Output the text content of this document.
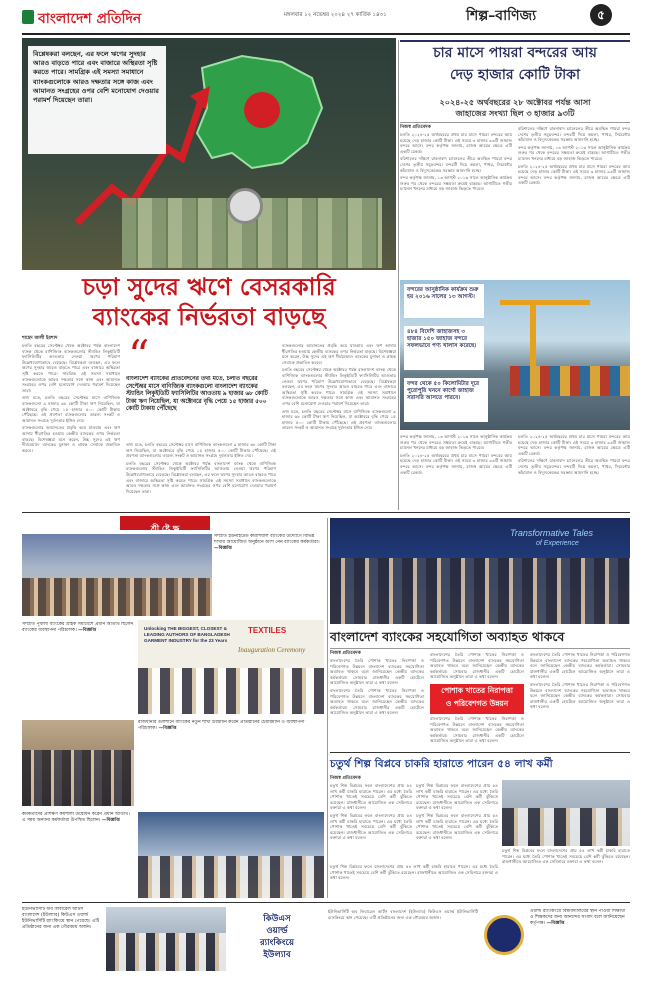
বাংলাদেশ প্রতিদিন	মঙ্গলবার ১২ নভেম্বর ২০২৪ ২৭ কার্তিক ১৪৩১	শিল্প–বাণিজ্য	৫
বিশ্লেষকরা বলছেন, এর ফলে ঋণের সুদহার আরও বাড়তে পারে এবং বাজারে অস্থিরতা সৃষ্টি করতে পারে। সামগ্রিক এই সমস্যা সমাধানে ব্যাংকগুলোকে আরও দক্ষতার সঙ্গে কাজ এবং আমানত সংগ্রহের ওপর বেশি মনোযোগ দেওয়ার পরামর্শ দিয়েছেন তারা।
চড়া সুদের ঋণে বেসরকারি
ব্যাংকের নির্ভরতা বাড়ছে
শাহেদ আলী ইরশাদ

চলতি বছরের সেপ্টেম্বর থেকে অক্টোবর পর্যন্ত বাংলাদেশ ব্যাংক থেকে বাণিজ্যিক ব্যাংকগুলোর স্ট্যান্ডিং লিকুইডিটি ফ্যাসিলিটির আওতায় নেওয়া ঋণের পরিমাণ উল্লেখযোগ্যভাবে বেড়েছে। বিশ্লেষকরা বলছেন, এর ফলে ঋণের সুদহার আরও বাড়তে পারে এবং বাজারে অস্থিরতা সৃষ্টি করতে পারে। সামগ্রিক এই সমস্যা সমাধানে ব্যাংকগুলোকে আরও দক্ষতার সঙ্গে কাজ এবং আমানত সংগ্রহের ওপর বেশি মনোযোগ দেওয়ার পরামর্শ দিয়েছেন তারা।

তথ্য মতে, চলতি বছরের সেপ্টেম্বর মাসে বাণিজ্যিক ব্যাংকগুলো ৯ হাজার ৬৮ কোটি টাকা ঋণ নিয়েছিল, যা অক্টোবরে বৃদ্ধি পেয়ে ১৫ হাজার ৫০০ কোটি টাকায় পৌঁছেছে। এই প্রবণতা ব্যাংকগুলোর তারল্য সংকট ও আমানত সংগ্রহে দুর্বলতার ইঙ্গিত দেয়।

ব্যাংকগুলোর আমানতের প্রবৃদ্ধি কমে যাওয়ায় এবং ঋণ আদায় ধীরগতির হওয়ায় কেন্দ্রীয় ব্যাংকের ওপর নির্ভরতা বাড়ছে। বিশেষজ্ঞরা মনে করেন, উচ্চ সুদের এই ঋণ দীর্ঘমেয়াদে ব্যাংকের মুনাফা ও গ্রাহক সেবাকে প্রভাবিত করবে।

“
বাংলাদেশ ব্যাংকের প্রতিবেদনের তথ্য মতে, চলতি বছরের সেপ্টেম্বর মাসে বাণিজ্যিক ব্যাংকগুলো বাংলাদেশ ব্যাংকের স্ট্যান্ডিং লিকুইডিটি ফ্যাসিলিটির আওতায় ৯ হাজার ৬৮ কোটি টাকা ঋণ নিয়েছিল, যা অক্টোবরে বৃদ্ধি পেয়ে ১৫ হাজার ৫০০ কোটি টাকায় পৌঁছেছে

তথ্য মতে, চলতি বছরের সেপ্টেম্বর মাসে বাণিজ্যিক ব্যাংকগুলো ৯ হাজার ৬৮ কোটি টাকা ঋণ নিয়েছিল, যা অক্টোবরে বৃদ্ধি পেয়ে ১৫ হাজার ৫০০ কোটি টাকায় পৌঁছেছে। এই প্রবণতা ব্যাংকগুলোর তারল্য সংকট ও আমানত সংগ্রহে দুর্বলতার ইঙ্গিত দেয়।

চলতি বছরের সেপ্টেম্বর থেকে অক্টোবর পর্যন্ত বাংলাদেশ ব্যাংক থেকে বাণিজ্যিক ব্যাংকগুলোর স্ট্যান্ডিং লিকুইডিটি ফ্যাসিলিটির আওতায় নেওয়া ঋণের পরিমাণ উল্লেখযোগ্যভাবে বেড়েছে। বিশ্লেষকরা বলছেন, এর ফলে ঋণের সুদহার আরও বাড়তে পারে এবং বাজারে অস্থিরতা সৃষ্টি করতে পারে। সামগ্রিক এই সমস্যা সমাধানে ব্যাংকগুলোকে আরও দক্ষতার সঙ্গে কাজ এবং আমানত সংগ্রহের ওপর বেশি মনোযোগ দেওয়ার পরামর্শ দিয়েছেন তারা।

ব্যাংকগুলোর আমানতের প্রবৃদ্ধি কমে যাওয়ায় এবং ঋণ আদায় ধীরগতির হওয়ায় কেন্দ্রীয় ব্যাংকের ওপর নির্ভরতা বাড়ছে। বিশেষজ্ঞরা মনে করেন, উচ্চ সুদের এই ঋণ দীর্ঘমেয়াদে ব্যাংকের মুনাফা ও গ্রাহক সেবাকে প্রভাবিত করবে।

চলতি বছরের সেপ্টেম্বর থেকে অক্টোবর পর্যন্ত বাংলাদেশ ব্যাংক থেকে বাণিজ্যিক ব্যাংকগুলোর স্ট্যান্ডিং লিকুইডিটি ফ্যাসিলিটির আওতায় নেওয়া ঋণের পরিমাণ উল্লেখযোগ্যভাবে বেড়েছে। বিশ্লেষকরা বলছেন, এর ফলে ঋণের সুদহার আরও বাড়তে পারে এবং বাজারে অস্থিরতা সৃষ্টি করতে পারে। সামগ্রিক এই সমস্যা সমাধানে ব্যাংকগুলোকে আরও দক্ষতার সঙ্গে কাজ এবং আমানত সংগ্রহের ওপর বেশি মনোযোগ দেওয়ার পরামর্শ দিয়েছেন তারা।

তথ্য মতে, চলতি বছরের সেপ্টেম্বর মাসে বাণিজ্যিক ব্যাংকগুলো ৯ হাজার ৬৮ কোটি টাকা ঋণ নিয়েছিল, যা অক্টোবরে বৃদ্ধি পেয়ে ১৫ হাজার ৫০০ কোটি টাকায় পৌঁছেছে। এই প্রবণতা ব্যাংকগুলোর তারল্য সংকট ও আমানত সংগ্রহে দুর্বলতার ইঙ্গিত দেয়।

চার মাসে পায়রা বন্দরের আয়
দেড় হাজার কোটি টাকা
২০২৪-২৫ অর্থবছরের ২৮ অক্টোবর পর্যন্ত আসা
জাহাজের সংখ্যা ছিল ৩ হাজার ৯৩টি
নিজস্ব প্রতিবেদক

চলতি ২০২৪-২৫ অর্থবছরের প্রথম চার মাসে পায়রা বন্দরের আয় হয়েছে দেড় হাজার কোটি টাকা। এই সময়ে ৩ হাজার ৯৩টি জাহাজ বন্দরে আসে। বন্দর কর্তৃপক্ষ জানায়, রাজস্ব আয়ের ক্ষেত্রে এটি একটি রেকর্ড।

বরিশালের দক্ষিণে রাবনাবাদ চ্যানেলের তীরে অবস্থিত পায়রা বন্দর দেশের তৃতীয় সমুদ্রবন্দর। বন্দরটি দিয়ে কয়লা, পাথর, সিমেন্টের কাঁচামাল ও বিদ্যুৎকেন্দ্রের সরঞ্জাম আমদানি হচ্ছে।

বন্দর কর্তৃপক্ষ জানায়, ১৩ আগস্ট ২০১৬ সালে আনুষ্ঠানিক কার্যক্রম শুরুর পর থেকে বন্দরের সক্ষমতা ক্রমেই বাড়ছে। আগামীতে গভীর চ্যানেল খননের মাধ্যমে বড় জাহাজ ভিড়তে পারবে।

বরিশালের দক্ষিণে রাবনাবাদ চ্যানেলের তীরে অবস্থিত পায়রা বন্দর দেশের তৃতীয় সমুদ্রবন্দর। বন্দরটি দিয়ে কয়লা, পাথর, সিমেন্টের কাঁচামাল ও বিদ্যুৎকেন্দ্রের সরঞ্জাম আমদানি হচ্ছে।

বন্দর কর্তৃপক্ষ জানায়, ১৩ আগস্ট ২০১৬ সালে আনুষ্ঠানিক কার্যক্রম শুরুর পর থেকে বন্দরের সক্ষমতা ক্রমেই বাড়ছে। আগামীতে গভীর চ্যানেল খননের মাধ্যমে বড় জাহাজ ভিড়তে পারবে।

চলতি ২০২৪-২৫ অর্থবছরের প্রথম চার মাসে পায়রা বন্দরের আয় হয়েছে দেড় হাজার কোটি টাকা। এই সময়ে ৩ হাজার ৯৩টি জাহাজ বন্দরে আসে। বন্দর কর্তৃপক্ষ জানায়, রাজস্ব আয়ের ক্ষেত্রে এটি একটি রেকর্ড।

বন্দরের আনুষ্ঠানিক কার্যক্রম শুরু হয় ২০১৬ সালের ১৩ আগস্ট।
৪৮৪ বিদেশি জাহাজসহ ৩ হাজার ১৫০ জাহাজ বন্দরে সফলভাবে পণ্য খালাস করেছে।
বন্দর থেকে ৫০ কিলোমিটার দূরে পুরোপুরি খননে কার্গো জাহাজ সরাসরি আসতে পারবে।

বন্দর কর্তৃপক্ষ জানায়, ১৩ আগস্ট ২০১৬ সালে আনুষ্ঠানিক কার্যক্রম শুরুর পর থেকে বন্দরের সক্ষমতা ক্রমেই বাড়ছে। আগামীতে গভীর চ্যানেল খননের মাধ্যমে বড় জাহাজ ভিড়তে পারবে।

চলতি ২০২৪-২৫ অর্থবছরের প্রথম চার মাসে পায়রা বন্দরের আয় হয়েছে দেড় হাজার কোটি টাকা। এই সময়ে ৩ হাজার ৯৩টি জাহাজ বন্দরে আসে। বন্দর কর্তৃপক্ষ জানায়, রাজস্ব আয়ের ক্ষেত্রে এটি একটি রেকর্ড।

চলতি ২০২৪-২৫ অর্থবছরের প্রথম চার মাসে পায়রা বন্দরের আয় হয়েছে দেড় হাজার কোটি টাকা। এই সময়ে ৩ হাজার ৯৩টি জাহাজ বন্দরে আসে। বন্দর কর্তৃপক্ষ জানায়, রাজস্ব আয়ের ক্ষেত্রে এটি একটি রেকর্ড।

বরিশালের দক্ষিণে রাবনাবাদ চ্যানেলের তীরে অবস্থিত পায়রা বন্দর দেশের তৃতীয় সমুদ্রবন্দর। বন্দরটি দিয়ে কয়লা, পাথর, সিমেন্টের কাঁচামাল ও বিদ্যুৎকেন্দ্রের সরঞ্জাম আমদানি হচ্ছে।

শ্রী ষ্টে ক্ষ
সম্প্রতি ইউনাইটেড কমার্শিয়াল ব্যাংকের উদ্যোগে বিভিন্ন শাখায় আয়োজিত অনুষ্ঠানে অংশ নেন ব্যাংকের কর্মকর্তারা। —বিজ্ঞপ্তি
সম্প্রতি পূবালী ব্যাংকের গ্রাহক সমাবেশে প্রধান অতিথি ছিলেন ব্যাংকের ব্যবস্থাপনা পরিচালক। —বিজ্ঞপ্তি	Unlocking THE BIGGEST, CLOSEST & LEADING AUTHORS OF BANGLADESH GARMENT INDUSTRY for the 23 Years
TEXTILES
Inauguration Ceremony
রাজধানীর গুলশানে ব্যাংকের নতুন শাখা উদ্বোধন করেন প্রতিষ্ঠানের চেয়ারম্যান ও ব্যবস্থাপনা পরিচালক। —বিজ্ঞপ্তি
কর্মকর্তাদের প্রশিক্ষণ কর্মশালা উদ্বোধন করেন প্রধান অতিথি। এ সময় অন্যান্য কর্মকর্তারা উপস্থিত ছিলেন। —বিজ্ঞপ্তি
Transformative Tales
of Experience
বাংলাদেশ ব্যাংকের সহযোগিতা অব্যাহত থাকবে
নিজস্ব প্রতিবেদক

বাংলাদেশের তৈরি পোশাক খাতের নিরাপত্তা ও পরিবেশগত উন্নয়নে বাংলাদেশ ব্যাংকের সহযোগিতা অব্যাহত থাকবে বলে জানিয়েছেন কেন্দ্রীয় ব্যাংকের কর্মকর্তারা। সোমবার রাজধানীর একটি হোটেলে আয়োজিত অনুষ্ঠানে তারা এ কথা বলেন।

বাংলাদেশের তৈরি পোশাক খাতের নিরাপত্তা ও পরিবেশগত উন্নয়নে বাংলাদেশ ব্যাংকের সহযোগিতা অব্যাহত থাকবে বলে জানিয়েছেন কেন্দ্রীয় ব্যাংকের কর্মকর্তারা। সোমবার রাজধানীর একটি হোটেলে আয়োজিত অনুষ্ঠানে তারা এ কথা বলেন।

বাংলাদেশের তৈরি পোশাক খাতের নিরাপত্তা ও পরিবেশগত উন্নয়নে বাংলাদেশ ব্যাংকের সহযোগিতা অব্যাহত থাকবে বলে জানিয়েছেন কেন্দ্রীয় ব্যাংকের কর্মকর্তারা। সোমবার রাজধানীর একটি হোটেলে আয়োজিত অনুষ্ঠানে তারা এ কথা বলেন।

পোশাক খাতের নিরাপত্তা
ও পরিবেশগত উন্নয়ন

বাংলাদেশের তৈরি পোশাক খাতের নিরাপত্তা ও পরিবেশগত উন্নয়নে বাংলাদেশ ব্যাংকের সহযোগিতা অব্যাহত থাকবে বলে জানিয়েছেন কেন্দ্রীয় ব্যাংকের কর্মকর্তারা। সোমবার রাজধানীর একটি হোটেলে আয়োজিত অনুষ্ঠানে তারা এ কথা বলেন।

বাংলাদেশের তৈরি পোশাক খাতের নিরাপত্তা ও পরিবেশগত উন্নয়নে বাংলাদেশ ব্যাংকের সহযোগিতা অব্যাহত থাকবে বলে জানিয়েছেন কেন্দ্রীয় ব্যাংকের কর্মকর্তারা। সোমবার রাজধানীর একটি হোটেলে আয়োজিত অনুষ্ঠানে তারা এ কথা বলেন।

বাংলাদেশের তৈরি পোশাক খাতের নিরাপত্তা ও পরিবেশগত উন্নয়নে বাংলাদেশ ব্যাংকের সহযোগিতা অব্যাহত থাকবে বলে জানিয়েছেন কেন্দ্রীয় ব্যাংকের কর্মকর্তারা। সোমবার রাজধানীর একটি হোটেলে আয়োজিত অনুষ্ঠানে তারা এ কথা বলেন।

চতুর্থ শিল্প বিপ্লবে চাকরি হারাতে পারেন ৫৪ লাখ কর্মী
নিজস্ব প্রতিবেদক

চতুর্থ শিল্প বিপ্লবের ফলে বাংলাদেশের প্রায় ৫৪ লাখ কর্মী চাকরি হারাতে পারেন। এর মধ্যে তৈরি পোশাক খাতেই সবচেয়ে বেশি কর্মী ঝুঁকিতে রয়েছেন। রাজধানীতে আয়োজিত এক সেমিনারে বক্তারা এ কথা বলেন।

চতুর্থ শিল্প বিপ্লবের ফলে বাংলাদেশের প্রায় ৫৪ লাখ কর্মী চাকরি হারাতে পারেন। এর মধ্যে তৈরি পোশাক খাতেই সবচেয়ে বেশি কর্মী ঝুঁকিতে রয়েছেন। রাজধানীতে আয়োজিত এক সেমিনারে বক্তারা এ কথা বলেন।

চতুর্থ শিল্প বিপ্লবের ফলে বাংলাদেশের প্রায় ৫৪ লাখ কর্মী চাকরি হারাতে পারেন। এর মধ্যে তৈরি পোশাক খাতেই সবচেয়ে বেশি কর্মী ঝুঁকিতে রয়েছেন। রাজধানীতে আয়োজিত এক সেমিনারে বক্তারা এ কথা বলেন।

চতুর্থ শিল্প বিপ্লবের ফলে বাংলাদেশের প্রায় ৫৪ লাখ কর্মী চাকরি হারাতে পারেন। এর মধ্যে তৈরি পোশাক খাতেই সবচেয়ে বেশি কর্মী ঝুঁকিতে রয়েছেন। রাজধানীতে আয়োজিত এক সেমিনারে বক্তারা এ কথা বলেন।

চতুর্থ শিল্প বিপ্লবের ফলে বাংলাদেশের প্রায় ৫৪ লাখ কর্মী চাকরি হারাতে পারেন। এর মধ্যে তৈরি পোশাক খাতেই সবচেয়ে বেশি কর্মী ঝুঁকিতে রয়েছেন। রাজধানীতে আয়োজিত এক সেমিনারে বক্তারা এ কথা বলেন।

চতুর্থ শিল্প বিপ্লবের ফলে বাংলাদেশের প্রায় ৫৪ লাখ কর্মী চাকরি হারাতে পারেন। এর মধ্যে তৈরি পোশাক খাতেই সবচেয়ে বেশি কর্মী ঝুঁকিতে রয়েছেন। রাজধানীতে আয়োজিত এক সেমিনারে বক্তারা এ কথা বলেন।

ইউনিভার্সিটি অব লিবারেল আর্টস বাংলাদেশ (ইউল্যাব) কিউএস ওয়ার্ল্ড ইউনিভার্সিটি র‌্যাংকিংয়ে স্থান পেয়েছে। এটি প্রতিষ্ঠানের জন্য এক গৌরবময় অর্জন।
কিউএস
ওয়ার্ল্ড
র‌্যাংকিংয়ে
ইউল্যাব
ইউনিভার্সিটি অব লিবারেল আর্টস বাংলাদেশ (ইউল্যাব) কিউএস ওয়ার্ল্ড ইউনিভার্সিটি র‌্যাংকিংয়ে স্থান পেয়েছে। এটি প্রতিষ্ঠানের জন্য এক গৌরবময় অর্জন।
ওয়ার্ল্ড র‌্যাংকিংয়ে বিশ্ববিদ্যালয়ের স্থান পাওয়া শিক্ষার্থী ও শিক্ষকদের জন্য আনন্দের সংবাদ বলে জানিয়েছেন কর্তৃপক্ষ। —বিজ্ঞপ্তি
